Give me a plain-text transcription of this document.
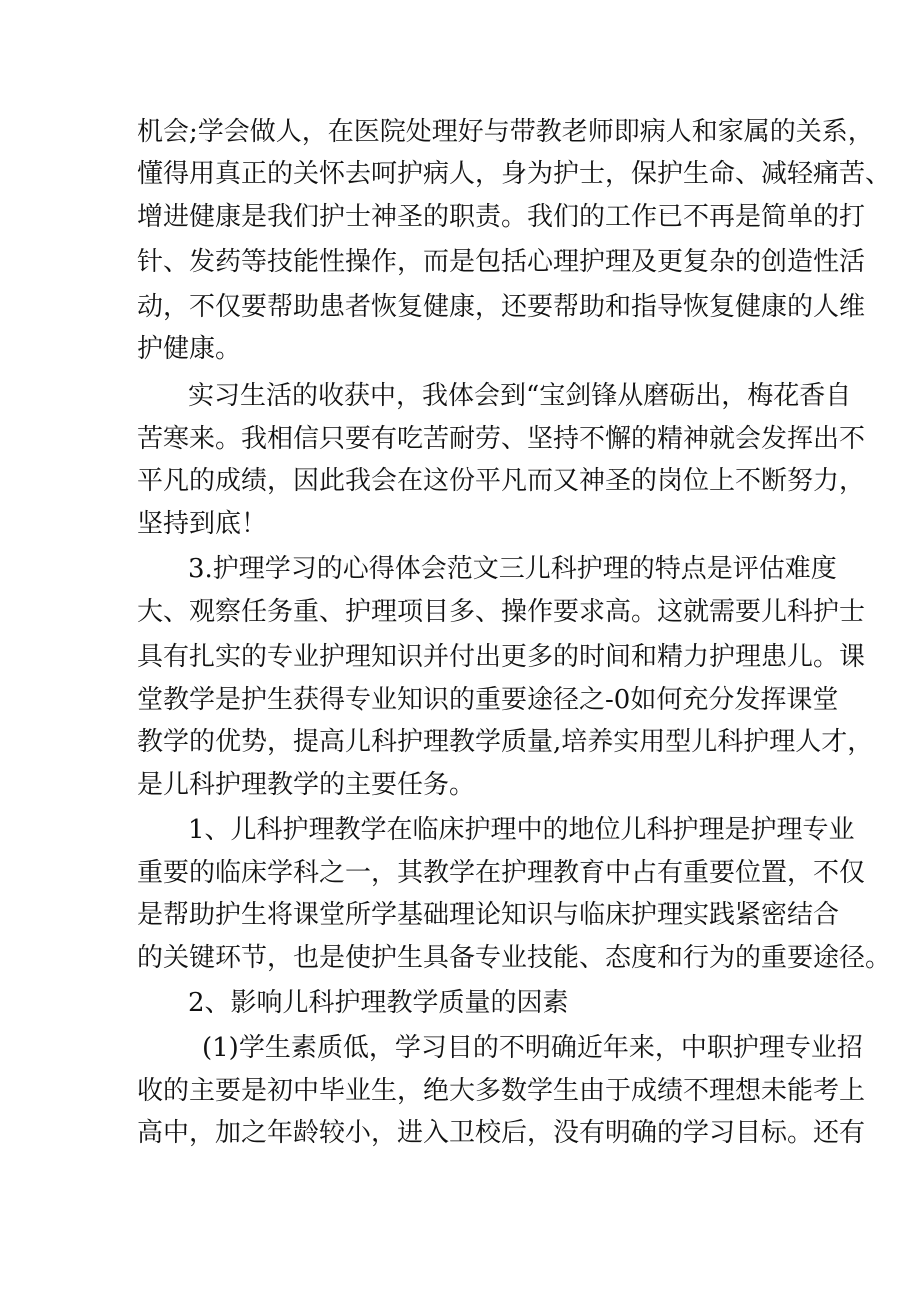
机会;学会做人，在医院处理好与带教老师即病人和家属的关系，
懂得用真正的关怀去呵护病人，身为护士，保护生命、减轻痛苦、
增进健康是我们护士神圣的职责。我们的工作已不再是简单的打
针、发药等技能性操作，而是包括心理护理及更复杂的创造性活
动，不仅要帮助患者恢复健康，还要帮助和指导恢复健康的人维
护健康。
实习生活的收获中，我体会到“宝剑锋从磨砺出，梅花香自
苦寒来。我相信只要有吃苦耐劳、坚持不懈的精神就会发挥出不
平凡的成绩，因此我会在这份平凡而又神圣的岗位上不断努力，
坚持到底！
3.护理学习的心得体会范文三儿科护理的特点是评估难度
大、观察任务重、护理项目多、操作要求高。这就需要儿科护士
具有扎实的专业护理知识并付出更多的时间和精力护理患儿。课
堂教学是护生获得专业知识的重要途径之-0如何充分发挥课堂
教学的优势，提高儿科护理教学质量,培养实用型儿科护理人才，
是儿科护理教学的主要任务。
1、儿科护理教学在临床护理中的地位儿科护理是护理专业
重要的临床学科之一，其教学在护理教育中占有重要位置，不仅
是帮助护生将课堂所学基础理论知识与临床护理实践紧密结合
的关键环节，也是使护生具备专业技能、态度和行为的重要途径。
2、影响儿科护理教学质量的因素
(1)学生素质低，学习目的不明确近年来，中职护理专业招
收的主要是初中毕业生，绝大多数学生由于成绩不理想未能考上
高中，加之年龄较小，进入卫校后，没有明确的学习目标。还有
